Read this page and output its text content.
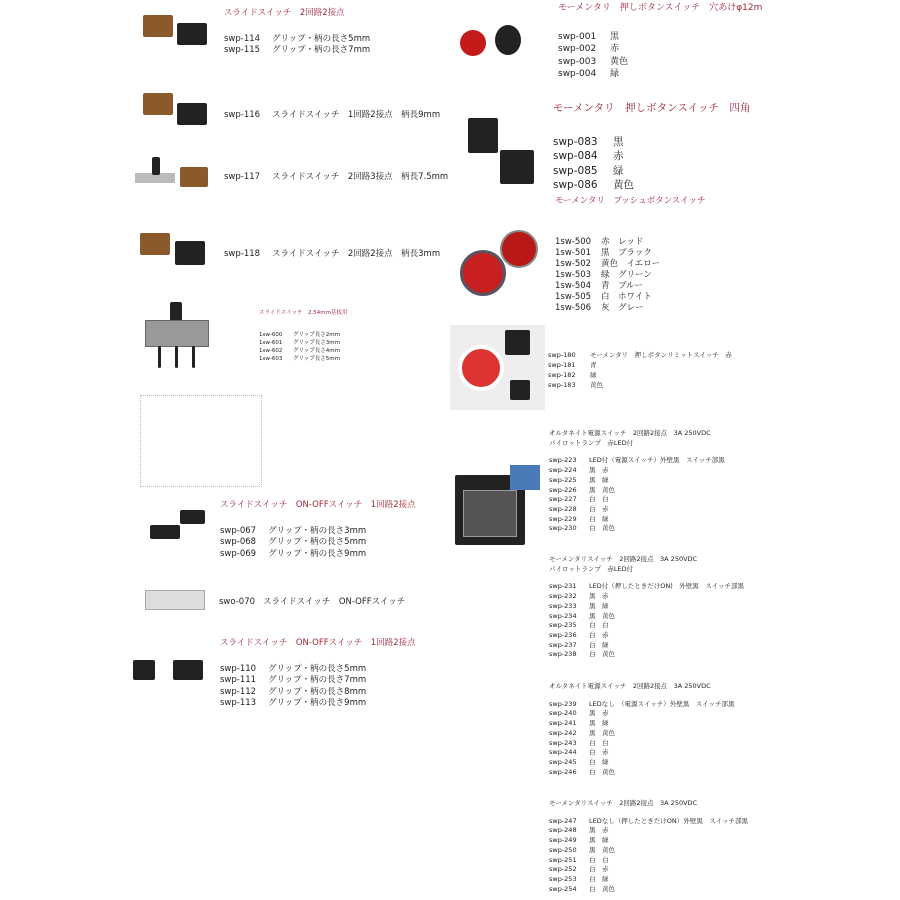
スライドスイッチ　2回路2接点
swp-114	グリップ・柄の長さ5mm
swp-115	グリップ・柄の長さ7mm
swp-116	スライドスイッチ　1回路2接点　柄長9mm
swp-117	スライドスイッチ　2回路3接点　柄長7.5mm
swp-118	スライドスイッチ　2回路2接点　柄長3mm
スライドスイッチ　2.54mm基板用
1sw-600	グリップ長さ2mm
1sw-601	グリップ長さ3mm
1sw-602	グリップ長さ4mm
1sw-603	グリップ長さ5mm
スライドスイッチ　ON-OFFスイッチ　1回路2接点
swp-067	グリップ・柄の長さ3mm
swp-068	グリップ・柄の長さ5mm
swp-069	グリップ・柄の長さ9mm
swo-070 スライドスイッチ　ON-OFFスイッチ
スライドスイッチ　ON-OFFスイッチ　1回路2接点
swp-110	グリップ・柄の長さ5mm
swp-111	グリップ・柄の長さ7mm
swp-112	グリップ・柄の長さ8mm
swp-113	グリップ・柄の長さ9mm
モーメンタリ　押しボタンスイッチ　穴あけφ12m
swp-001	黒
swp-002	赤
swp-003	黄色
swp-004	緑
モーメンタリ　押しボタンスイッチ　四角
swp-083	黒
swp-084	赤
swp-085	緑
swp-086	黄色
モーメンタリ　プッシュボタンスイッチ
1sw-500	赤　レッド
1sw-501	黒　ブラック
1sw-502	黄色　イエロー
1sw-503	緑　グリーン
1sw-504	青　ブルー
1sw-505	白　ホワイト
1sw-506	灰　グレー
swp-180	モーメンタリ　押しボタンリミットスイッチ　赤
swp-181	青
swp-182	緑
swp-183	黄色
オルタネイト電源スイッチ　2回路2接点　3A 250VDC
パイロットランプ　赤LED付
swp-223	LED付（電源スイッチ）外壁黒　スイッチ部黒
swp-224	黒　赤
swp-225	黒　緑
swp-226	黒　黄色
swp-227	白　白
swp-228	白　赤
swp-229	白　緑
swp-230	白　黄色
モーメンタリスイッチ　2回路2接点　3A 250VDC
パイロットランプ　赤LED付
swp-231	LED付（押したときだけON)　外壁黒　スイッチ部黒
swp-232	黒　赤
swp-233	黒　緑
swp-234	黒　黄色
swp-235	白　白
swp-236	白　赤
swp-237	白　緑
swp-238	白　黄色
オルタネイト電源スイッチ　2回路2接点　3A 250VDC
swp-239	LEDなし　（電源スイッチ）外壁黒　スイッチ部黒
swp-240	黒　赤
swp-241	黒　緑
swp-242	黒　黄色
swp-243	白　白
swp-244	白　赤
swp-245	白　緑
swp-246	白　黄色
モーメンタリスイッチ　2回路2接点　3A 250VDC
swp-247	LEDなし（押したときだけON）外壁黒　スイッチ部黒
swp-248	黒　赤
swp-249	黒　緑
swp-250	黒　黄色
swp-251	白　白
swp-252	白　赤
swp-253	白　緑
swp-254	白　黄色
